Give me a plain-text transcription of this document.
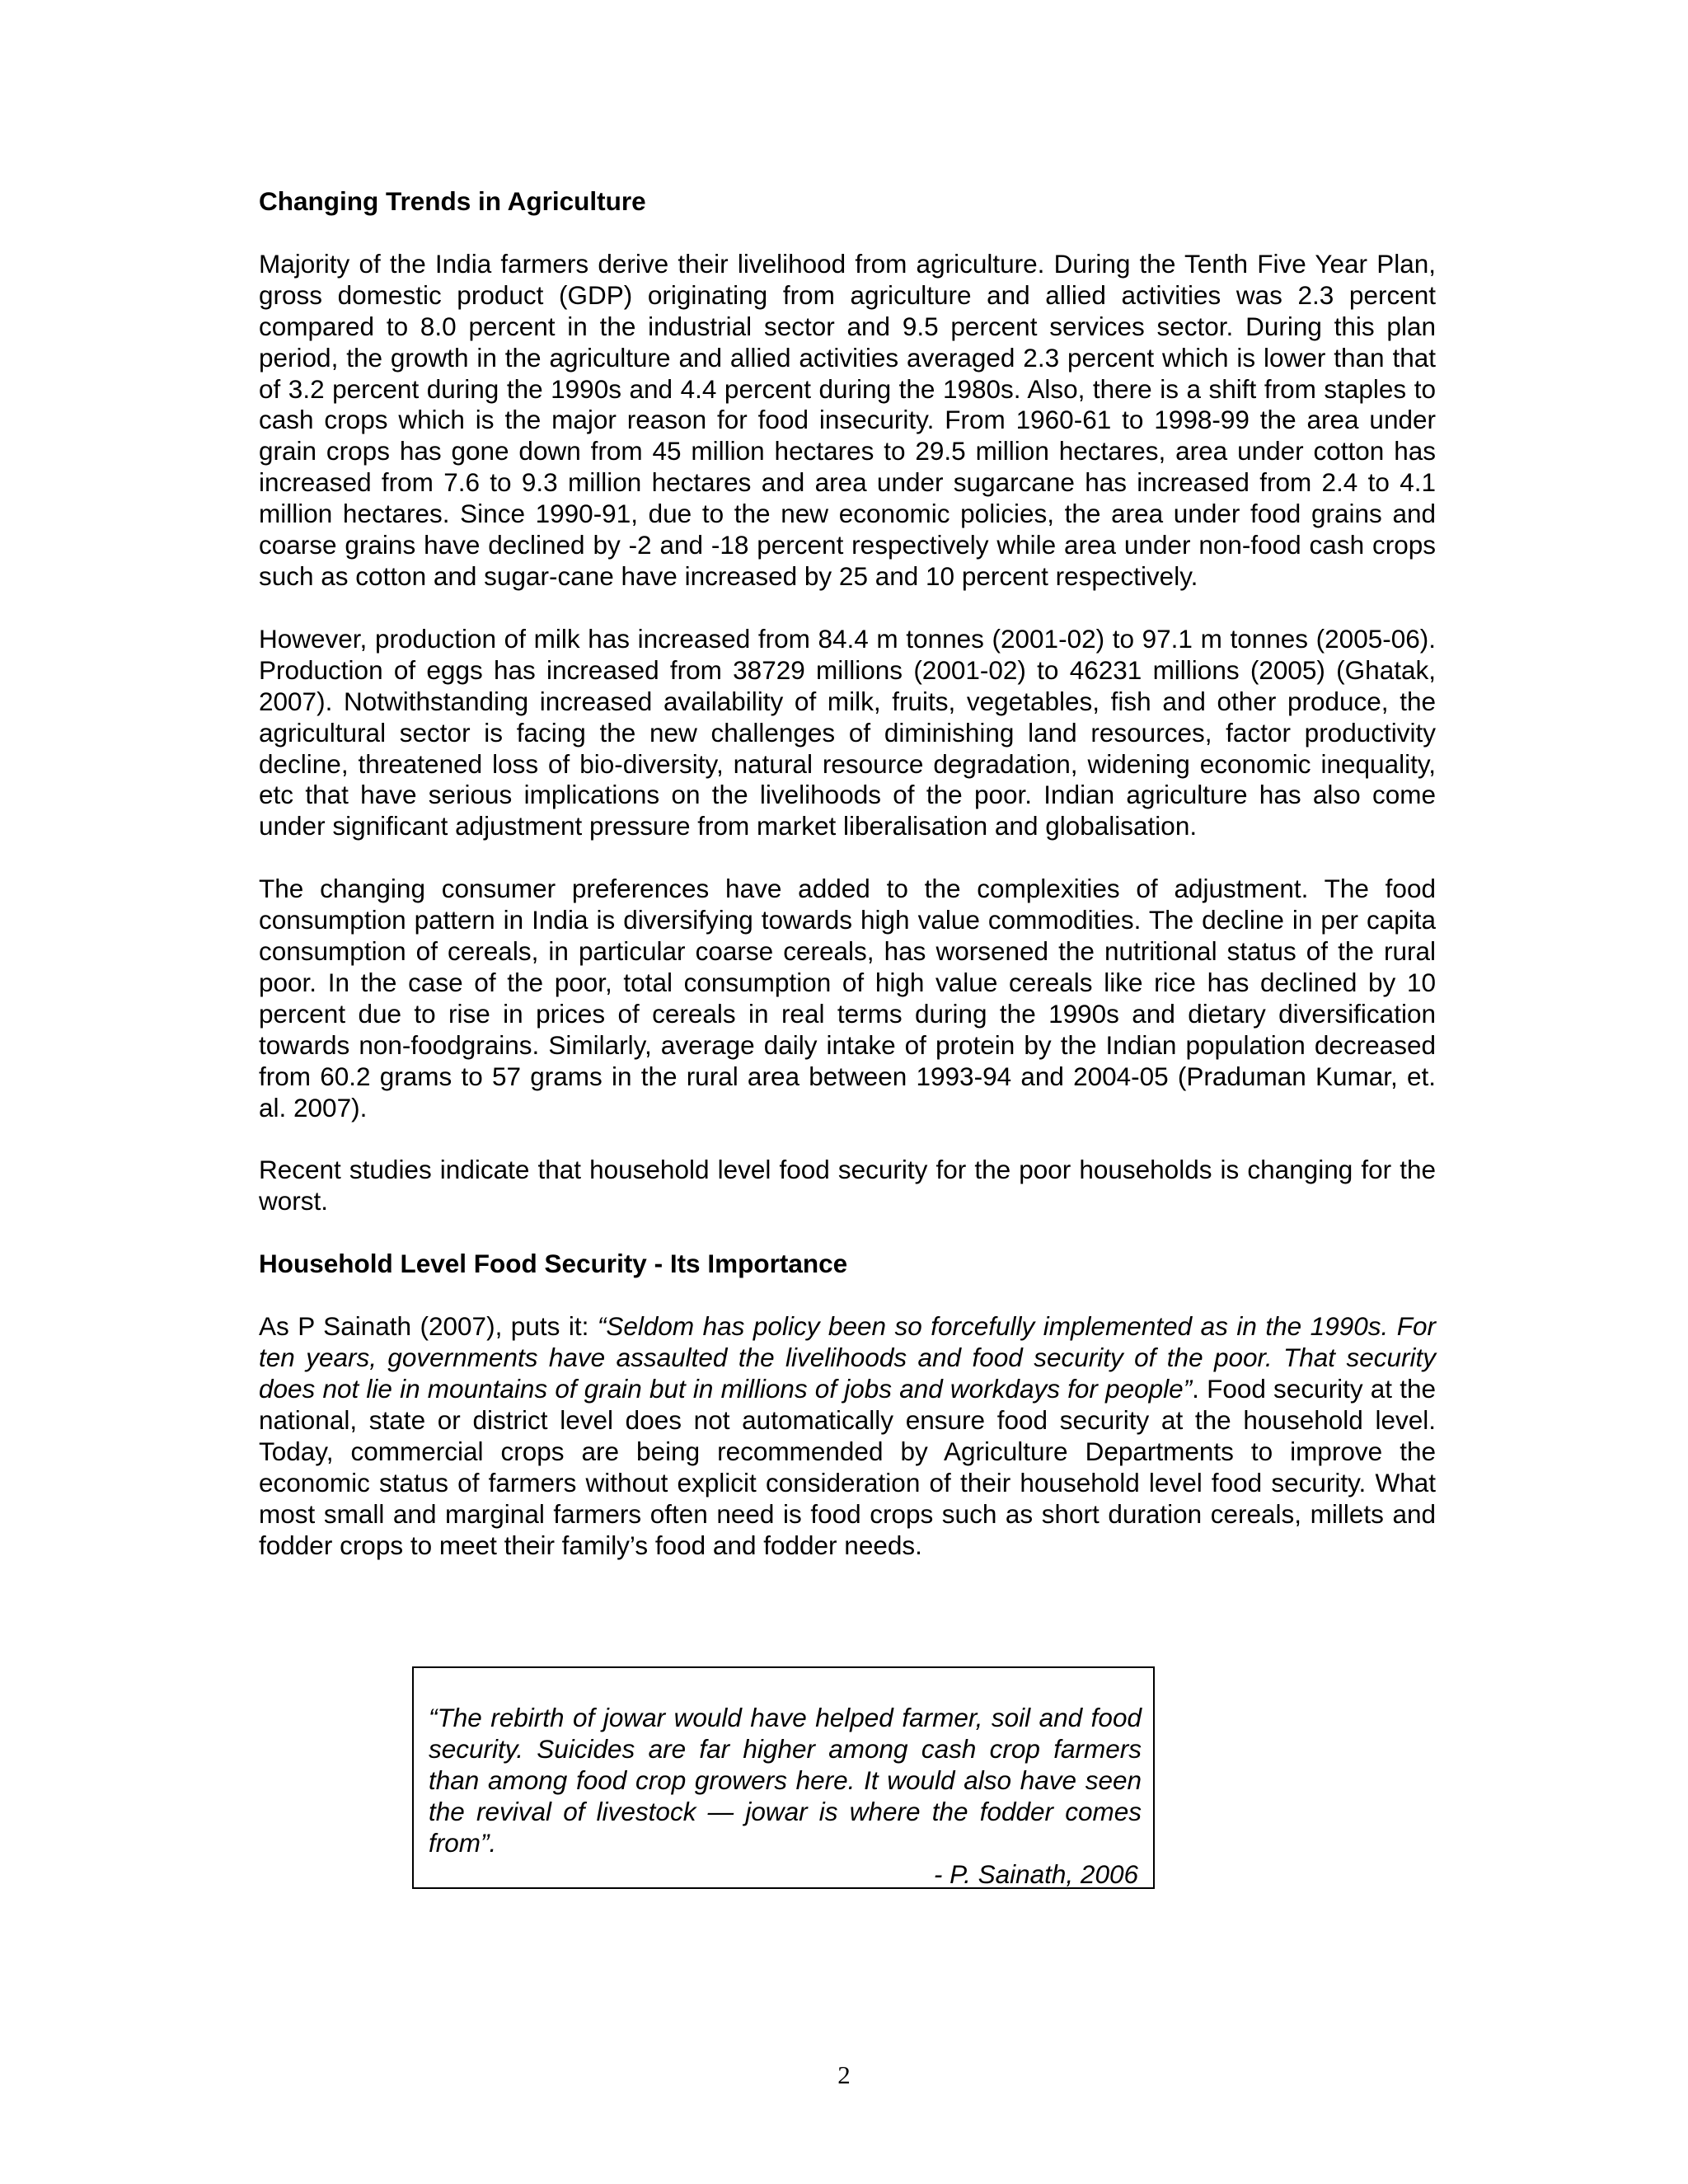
Changing Trends in Agriculture

Majority of the India farmers derive their livelihood from agriculture. During the Tenth Five Year Plan, gross domestic product (GDP) originating from agriculture and allied activities was 2.3 percent compared to 8.0 percent in the industrial sector and 9.5 percent services sector. During this plan period, the growth in the agriculture and allied activities averaged 2.3 percent which is lower than that of 3.2 percent during the 1990s and 4.4 percent during the 1980s. Also, there is a shift from staples to cash crops which is the major reason for food insecurity. From 1960-61 to 1998-99 the area under grain crops has gone down from 45 million hectares to 29.5 million hectares, area under cotton has increased from 7.6 to 9.3 million hectares and area under sugarcane has increased from 2.4 to 4.1 million hectares. Since 1990-91, due to the new economic policies, the area under food grains and coarse grains have declined by -2 and -18 percent respectively while area under non-food cash crops such as cotton and sugar-cane have increased by 25 and 10 percent respectively.

However, production of milk has increased from 84.4 m tonnes (2001-02) to 97.1 m tonnes (2005-06). Production of eggs has increased from 38729 millions (2001-02) to 46231 millions (2005) (Ghatak, 2007). Notwithstanding increased availability of milk, fruits, vegetables, fish and other produce, the agricultural sector is facing the new challenges of diminishing land resources, factor productivity decline, threatened loss of bio-diversity, natural resource degradation, widening economic inequality, etc that have serious implications on the livelihoods of the poor. Indian agriculture has also come under significant adjustment pressure from market liberalisation and globalisation.

The changing consumer preferences have added to the complexities of adjustment. The food consumption pattern in India is diversifying towards high value commodities. The decline in per capita consumption of cereals, in particular coarse cereals, has worsened the nutritional status of the rural poor. In the case of the poor, total consumption of high value cereals like rice has declined by 10 percent due to rise in prices of cereals in real terms during the 1990s and dietary diversification towards non-foodgrains. Similarly, average daily intake of protein by the Indian population decreased from 60.2 grams to 57 grams in the rural area between 1993-94 and 2004-05 (Praduman Kumar, et. al. 2007).

Recent studies indicate that household level food security for the poor households is changing for the worst.

Household Level Food Security - Its Importance

As P Sainath (2007), puts it: “Seldom has policy been so forcefully implemented as in the 1990s. For ten years, governments have assaulted the livelihoods and food security of the poor. That security does not lie in mountains of grain but in millions of jobs and workdays for people”. Food security at the national, state or district level does not automatically ensure food security at the household level. Today, commercial crops are being recommended by Agriculture Departments to improve the economic status of farmers without explicit consideration of their household level food security. What most small and marginal farmers often need is food crops such as short duration cereals, millets and fodder crops to meet their family’s food and fodder needs.

“The rebirth of jowar would have helped farmer, soil and food security. Suicides are far higher among cash crop farmers than among food crop growers here. It would also have seen the revival of livestock — jowar is where the fodder comes from”.
- P. Sainath, 2006
2
